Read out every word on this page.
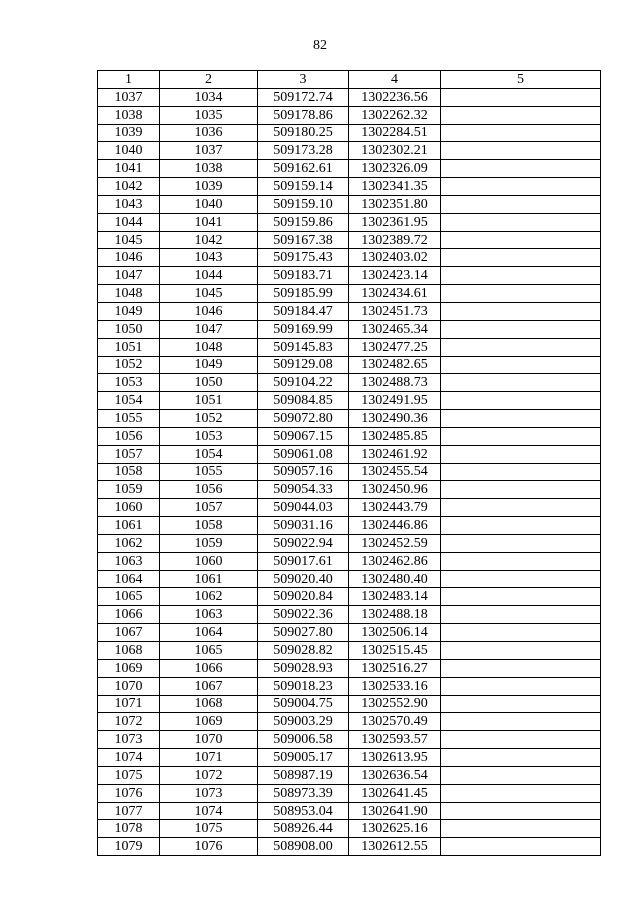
82
1	2	3	4	5
1037	1034	509172.74	1302236.56	
1038	1035	509178.86	1302262.32	
1039	1036	509180.25	1302284.51	
1040	1037	509173.28	1302302.21	
1041	1038	509162.61	1302326.09	
1042	1039	509159.14	1302341.35	
1043	1040	509159.10	1302351.80	
1044	1041	509159.86	1302361.95	
1045	1042	509167.38	1302389.72	
1046	1043	509175.43	1302403.02	
1047	1044	509183.71	1302423.14	
1048	1045	509185.99	1302434.61	
1049	1046	509184.47	1302451.73	
1050	1047	509169.99	1302465.34	
1051	1048	509145.83	1302477.25	
1052	1049	509129.08	1302482.65	
1053	1050	509104.22	1302488.73	
1054	1051	509084.85	1302491.95	
1055	1052	509072.80	1302490.36	
1056	1053	509067.15	1302485.85	
1057	1054	509061.08	1302461.92	
1058	1055	509057.16	1302455.54	
1059	1056	509054.33	1302450.96	
1060	1057	509044.03	1302443.79	
1061	1058	509031.16	1302446.86	
1062	1059	509022.94	1302452.59	
1063	1060	509017.61	1302462.86	
1064	1061	509020.40	1302480.40	
1065	1062	509020.84	1302483.14	
1066	1063	509022.36	1302488.18	
1067	1064	509027.80	1302506.14	
1068	1065	509028.82	1302515.45	
1069	1066	509028.93	1302516.27	
1070	1067	509018.23	1302533.16	
1071	1068	509004.75	1302552.90	
1072	1069	509003.29	1302570.49	
1073	1070	509006.58	1302593.57	
1074	1071	509005.17	1302613.95	
1075	1072	508987.19	1302636.54	
1076	1073	508973.39	1302641.45	
1077	1074	508953.04	1302641.90	
1078	1075	508926.44	1302625.16	
1079	1076	508908.00	1302612.55	
